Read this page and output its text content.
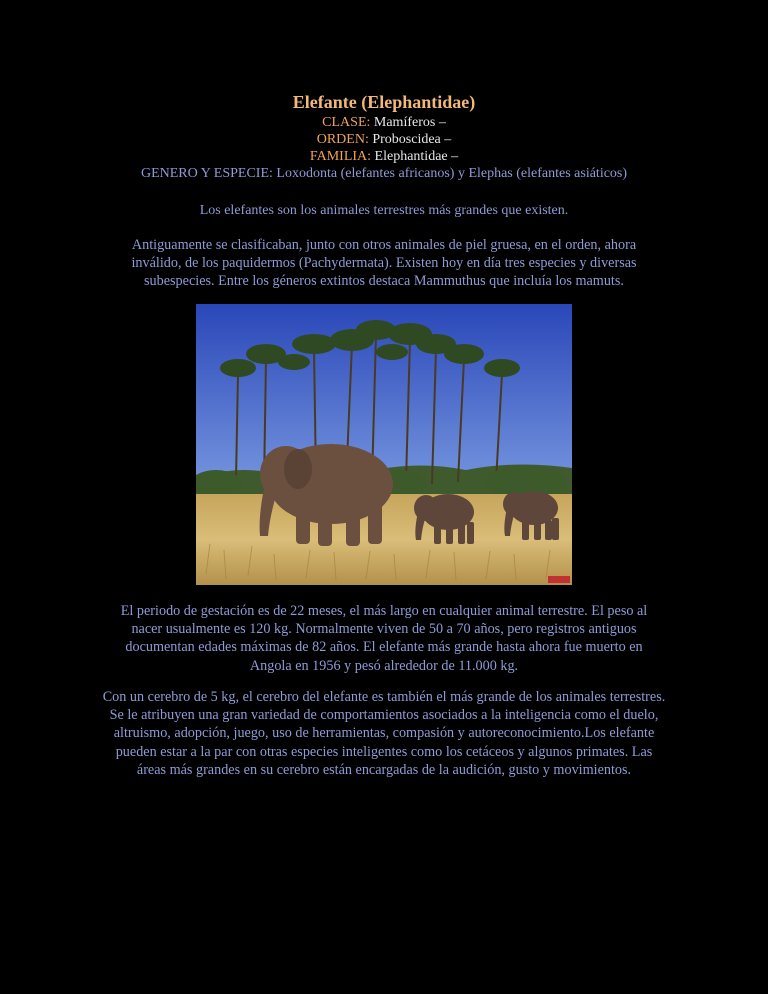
Elefante (Elephantidae)
CLASE: Mamíferos –
ORDEN: Proboscidea –
FAMILIA: Elephantidae –
GENERO Y ESPECIE: Loxodonta (elefantes africanos) y Elephas (elefantes asiáticos)
Los elefantes son los animales terrestres más grandes que existen.
Antiguamente se clasificaban, junto con otros animales de piel gruesa, en el orden, ahora inválido, de los paquidermos (Pachydermata). Existen hoy en día tres especies y diversas subespecies. Entre los géneros extintos destaca Mammuthus que incluía los mamuts.
El periodo de gestación es de 22 meses, el más largo en cualquier animal terrestre. El peso al nacer usualmente es 120 kg. Normalmente viven de 50 a 70 años, pero registros antiguos documentan edades máximas de 82 años. El elefante más grande hasta ahora fue muerto en Angola en 1956 y pesó alrededor de 11.000 kg.
Con un cerebro de 5 kg, el cerebro del elefante es también el más grande de los animales terrestres. Se le atribuyen una gran variedad de comportamientos asociados a la inteligencia como el duelo, altruismo, adopción, juego, uso de herramientas, compasión y autoreconocimiento.Los elefante pueden estar a la par con otras especies inteligentes como los cetáceos y algunos primates. Las áreas más grandes en su cerebro están encargadas de la audición, gusto y movimientos.
